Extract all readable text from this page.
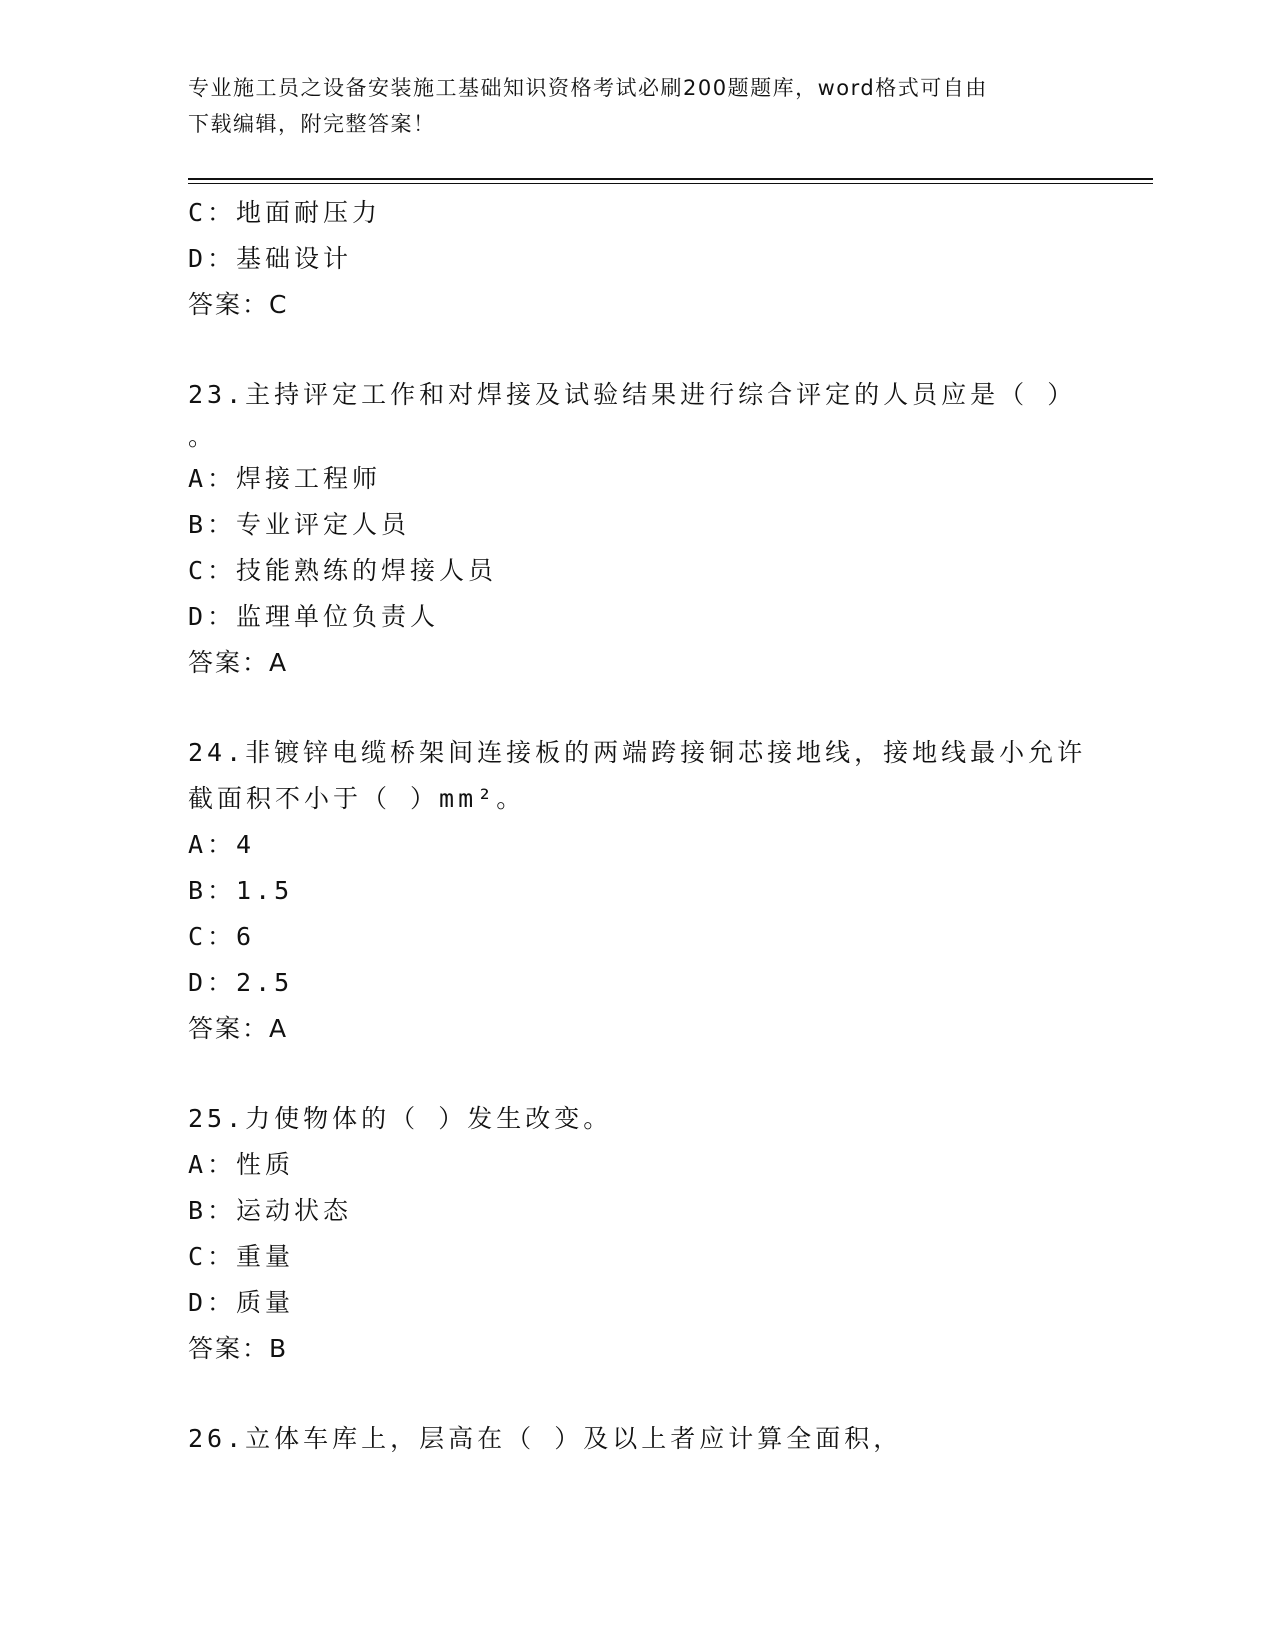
专业施工员之设备安装施工基础知识资格考试必刷200题题库，word格式可自由
下载编辑，附完整答案！
C：地面耐压力
D：基础设计
答案：C
23.主持评定工作和对焊接及试验结果进行综合评定的人员应是（ ）
。
A：焊接工程师
B：专业评定人员
C：技能熟练的焊接人员
D：监理单位负责人
答案：A
24.非镀锌电缆桥架间连接板的两端跨接铜芯接地线，接地线最小允许
截面积不小于（ ）mm²。
A：4
B：1.5
C：6
D：2.5
答案：A
25.力使物体的（ ）发生改变。
A：性质
B：运动状态
C：重量
D：质量
答案：B
26.立体车库上，层高在（ ）及以上者应计算全面积，
